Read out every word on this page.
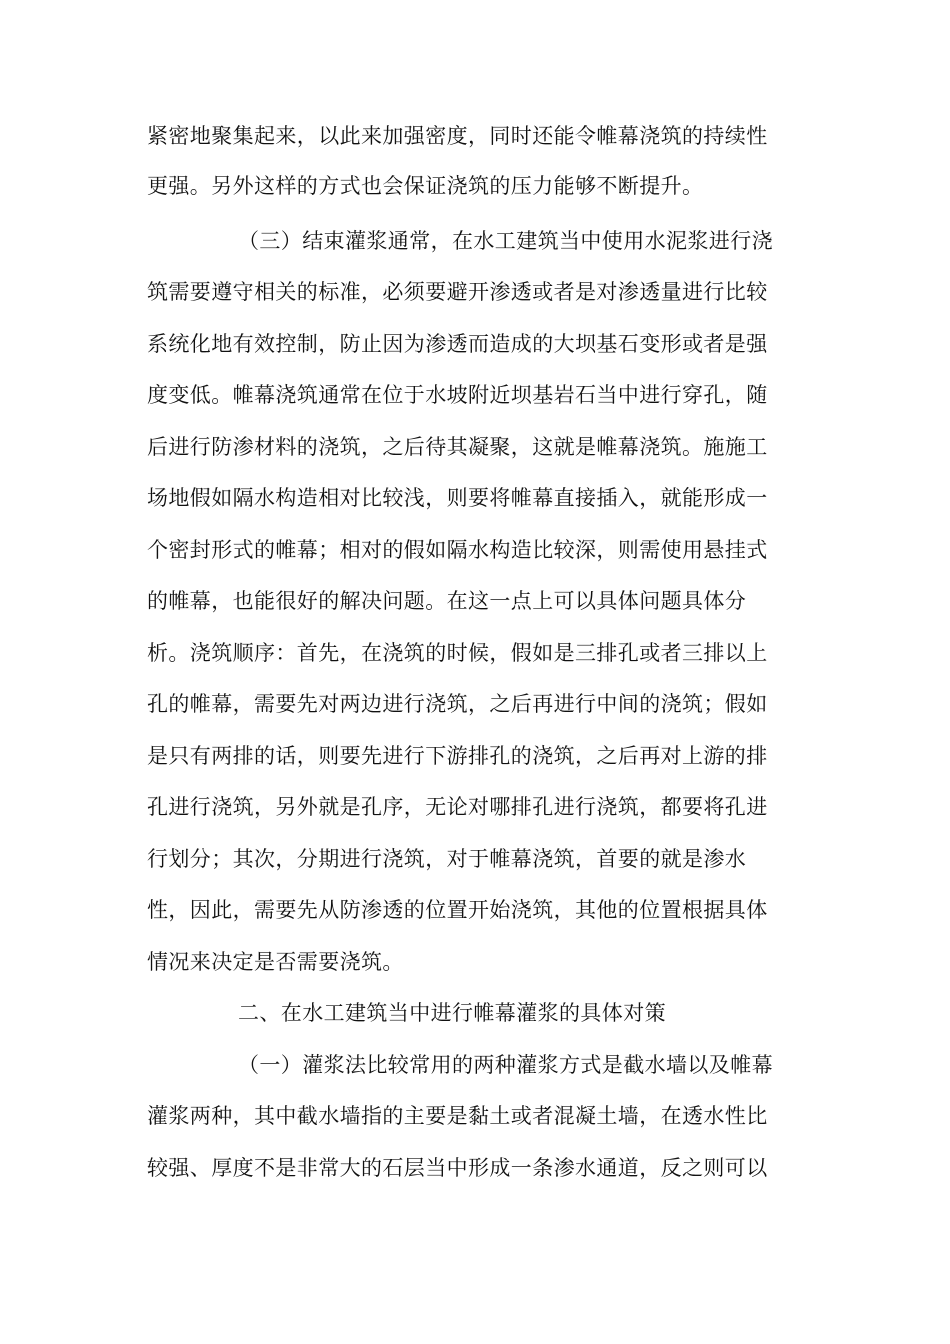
紧密地聚集起来，以此来加强密度，同时还能令帷幕浇筑的持续性
更强。另外这样的方式也会保证浇筑的压力能够不断提升。
（三）结束灌浆通常，在水工建筑当中使用水泥浆进行浇
筑需要遵守相关的标准，必须要避开渗透或者是对渗透量进行比较
系统化地有效控制，防止因为渗透而造成的大坝基石变形或者是强
度变低。帷幕浇筑通常在位于水坡附近坝基岩石当中进行穿孔，随
后进行防渗材料的浇筑，之后待其凝聚，这就是帷幕浇筑。施施工
场地假如隔水构造相对比较浅，则要将帷幕直接插入，就能形成一
个密封形式的帷幕；相对的假如隔水构造比较深，则需使用悬挂式
的帷幕，也能很好的解决问题。在这一点上可以具体问题具体分
析。浇筑顺序：首先，在浇筑的时候，假如是三排孔或者三排以上
孔的帷幕，需要先对两边进行浇筑，之后再进行中间的浇筑；假如
是只有两排的话，则要先进行下游排孔的浇筑，之后再对上游的排
孔进行浇筑，另外就是孔序，无论对哪排孔进行浇筑，都要将孔进
行划分；其次，分期进行浇筑，对于帷幕浇筑，首要的就是渗水
性，因此，需要先从防渗透的位置开始浇筑，其他的位置根据具体
情况来决定是否需要浇筑。
二、在水工建筑当中进行帷幕灌浆的具体对策
（一）灌浆法比较常用的两种灌浆方式是截水墙以及帷幕
灌浆两种，其中截水墙指的主要是黏土或者混凝土墙，在透水性比
较强、厚度不是非常大的石层当中形成一条渗水通道，反之则可以
